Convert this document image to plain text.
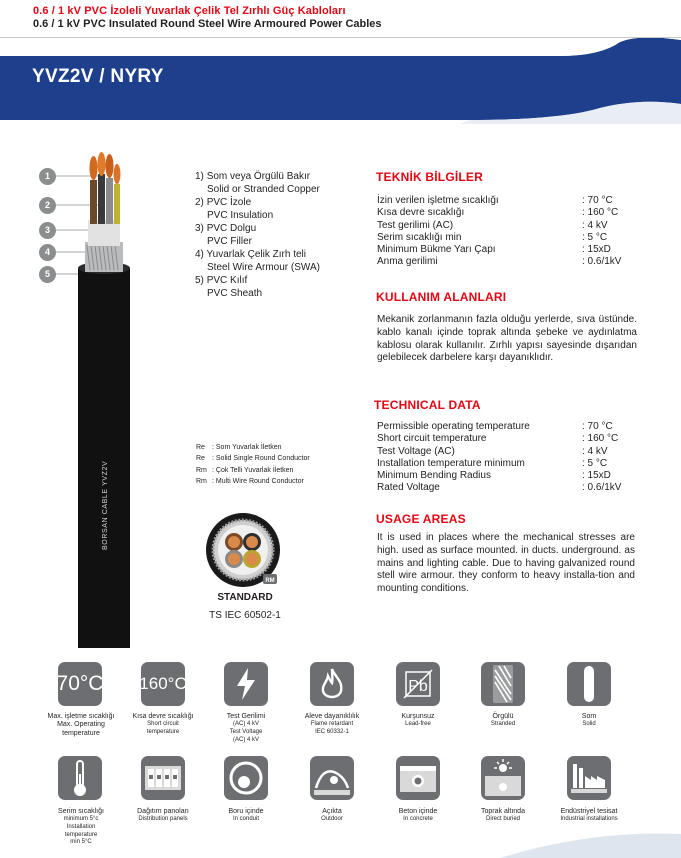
0.6 / 1 kV PVC İzoleli Yuvarlak Çelik Tel Zırhlı Güç Kabloları
0.6 / 1 kV PVC Insulated Round Steel Wire Armoured Power Cables
YVZ2V / NYRY
BORSAN CABLE YVZ2V
1
2
3
4
5
1) Som veya Örgülü Bakır
Solid or Stranded Copper
2) PVC İzole
PVC Insulation
3) PVC Dolgu
PVC Filler
4) Yuvarlak Çelik Zırh teli
Steel Wire Armour (SWA)
5) PVC Kılıf
PVC Sheath
Re	: Som Yuvarlak İletken
Re	: Solid Single Round Conductor
Rm : Çok Telli Yuvarlak İletken
Rm : Multi Wire Round Conductor
RM
STANDARD
TS IEC 60502-1
TEKNİK BİLGİLER
İzin verilen işletme sıcaklığı	: 70 °C
Kısa devre sıcaklığı	: 160 °C
Test gerilimi (AC)	: 4 kV
Serim sıcaklığı min	: 5 °C
Minimum Bükme Yarı Çapı	: 15xD
Anma gerilimi	: 0.6/1kV
KULLANIM ALANLARI
Mekanik zorlanmanın fazla olduğu yerlerde, sıva üstünde. kablo kanalı içinde toprak altında şebeke ve aydınlatma kablosu olarak kullanılır. Zırhlı yapısı sayesinde dışarıdan gelebilecek darbelere karşı dayanıklıdır.
TECHNICAL DATA
Permissible operating temperature	: 70 °C
Short circuit temperature	: 160 °C
Test Voltage (AC)	: 4 kV
Installation temperature minimum	: 5 °C
Minimum Bending Radius	: 15xD
Rated Voltage	: 0.6/1kV
USAGE AREAS
It is used in places where the mechanical stresses are high. used as surface mounted. in ducts. underground. as mains and lighting cable. Due to having galvanized round stell wire armour. they conform to heavy installa-tion and mounting conditions.
70°C
Max. işletme sıcaklığı
Max. Operating
temperature
160°C
Kısa devre sıcaklığı
Short circuit
temperature
Test Gerilimi
(AC) 4 kV
Test Voltage
(AC) 4 kV
Aleve dayanıklılık
Flame retardant
IEC 60332-1
Pb
Kurşunsuz
Lead-free
Örgülü
Stranded
Som
Solid
Serim sıcaklığı
minimum 5°c
Installation
temperature
min 5°C
Dağıtım panoları
Distribution panels
Boru içinde
In conduit
Açıkta
Outdoor
Beton içinde
In concrete
Toprak altında
Direct buried
Endüstriyel tesisat
Industrial installations
